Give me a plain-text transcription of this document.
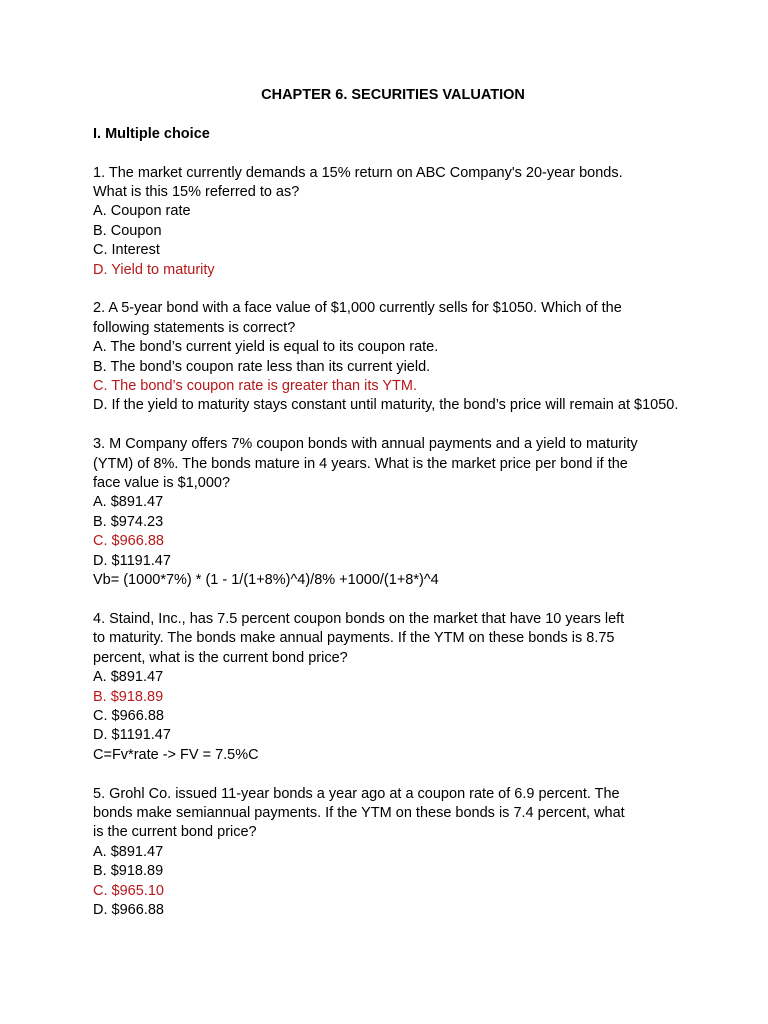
CHAPTER 6. SECURITIES VALUATION
I. Multiple choice
1. The market currently demands a 15% return on ABC Company's 20-year bonds.
What is this 15% referred to as?
A. Coupon rate
B. Coupon
C. Interest
D. Yield to maturity
2. A 5-year bond with a face value of $1,000 currently sells for $1050. Which of the
following statements is correct?
A. The bond’s current yield is equal to its coupon rate.
B. The bond’s coupon rate less than its current yield.
C. The bond’s coupon rate is greater than its YTM.
D. If the yield to maturity stays constant until maturity, the bond’s price will remain at $1050.
3. M Company offers 7% coupon bonds with annual payments and a yield to maturity
(YTM) of 8%. The bonds mature in 4 years. What is the market price per bond if the
face value is $1,000?
A. $891.47
B. $974.23
C. $966.88
D. $1191.47
Vb= (1000*7%) * (1 - 1/(1+8%)^4)/8% +1000/(1+8*)^4
4. Staind, Inc., has 7.5 percent coupon bonds on the market that have 10 years left
to maturity. The bonds make annual payments. If the YTM on these bonds is 8.75
percent, what is the current bond price?
A. $891.47
B. $918.89
C. $966.88
D. $1191.47
C=Fv*rate -> FV = 7.5%C
5. Grohl Co. issued 11-year bonds a year ago at a coupon rate of 6.9 percent. The
bonds make semiannual payments. If the YTM on these bonds is 7.4 percent, what
is the current bond price?
A. $891.47
B. $918.89
C. $965.10
D. $966.88
